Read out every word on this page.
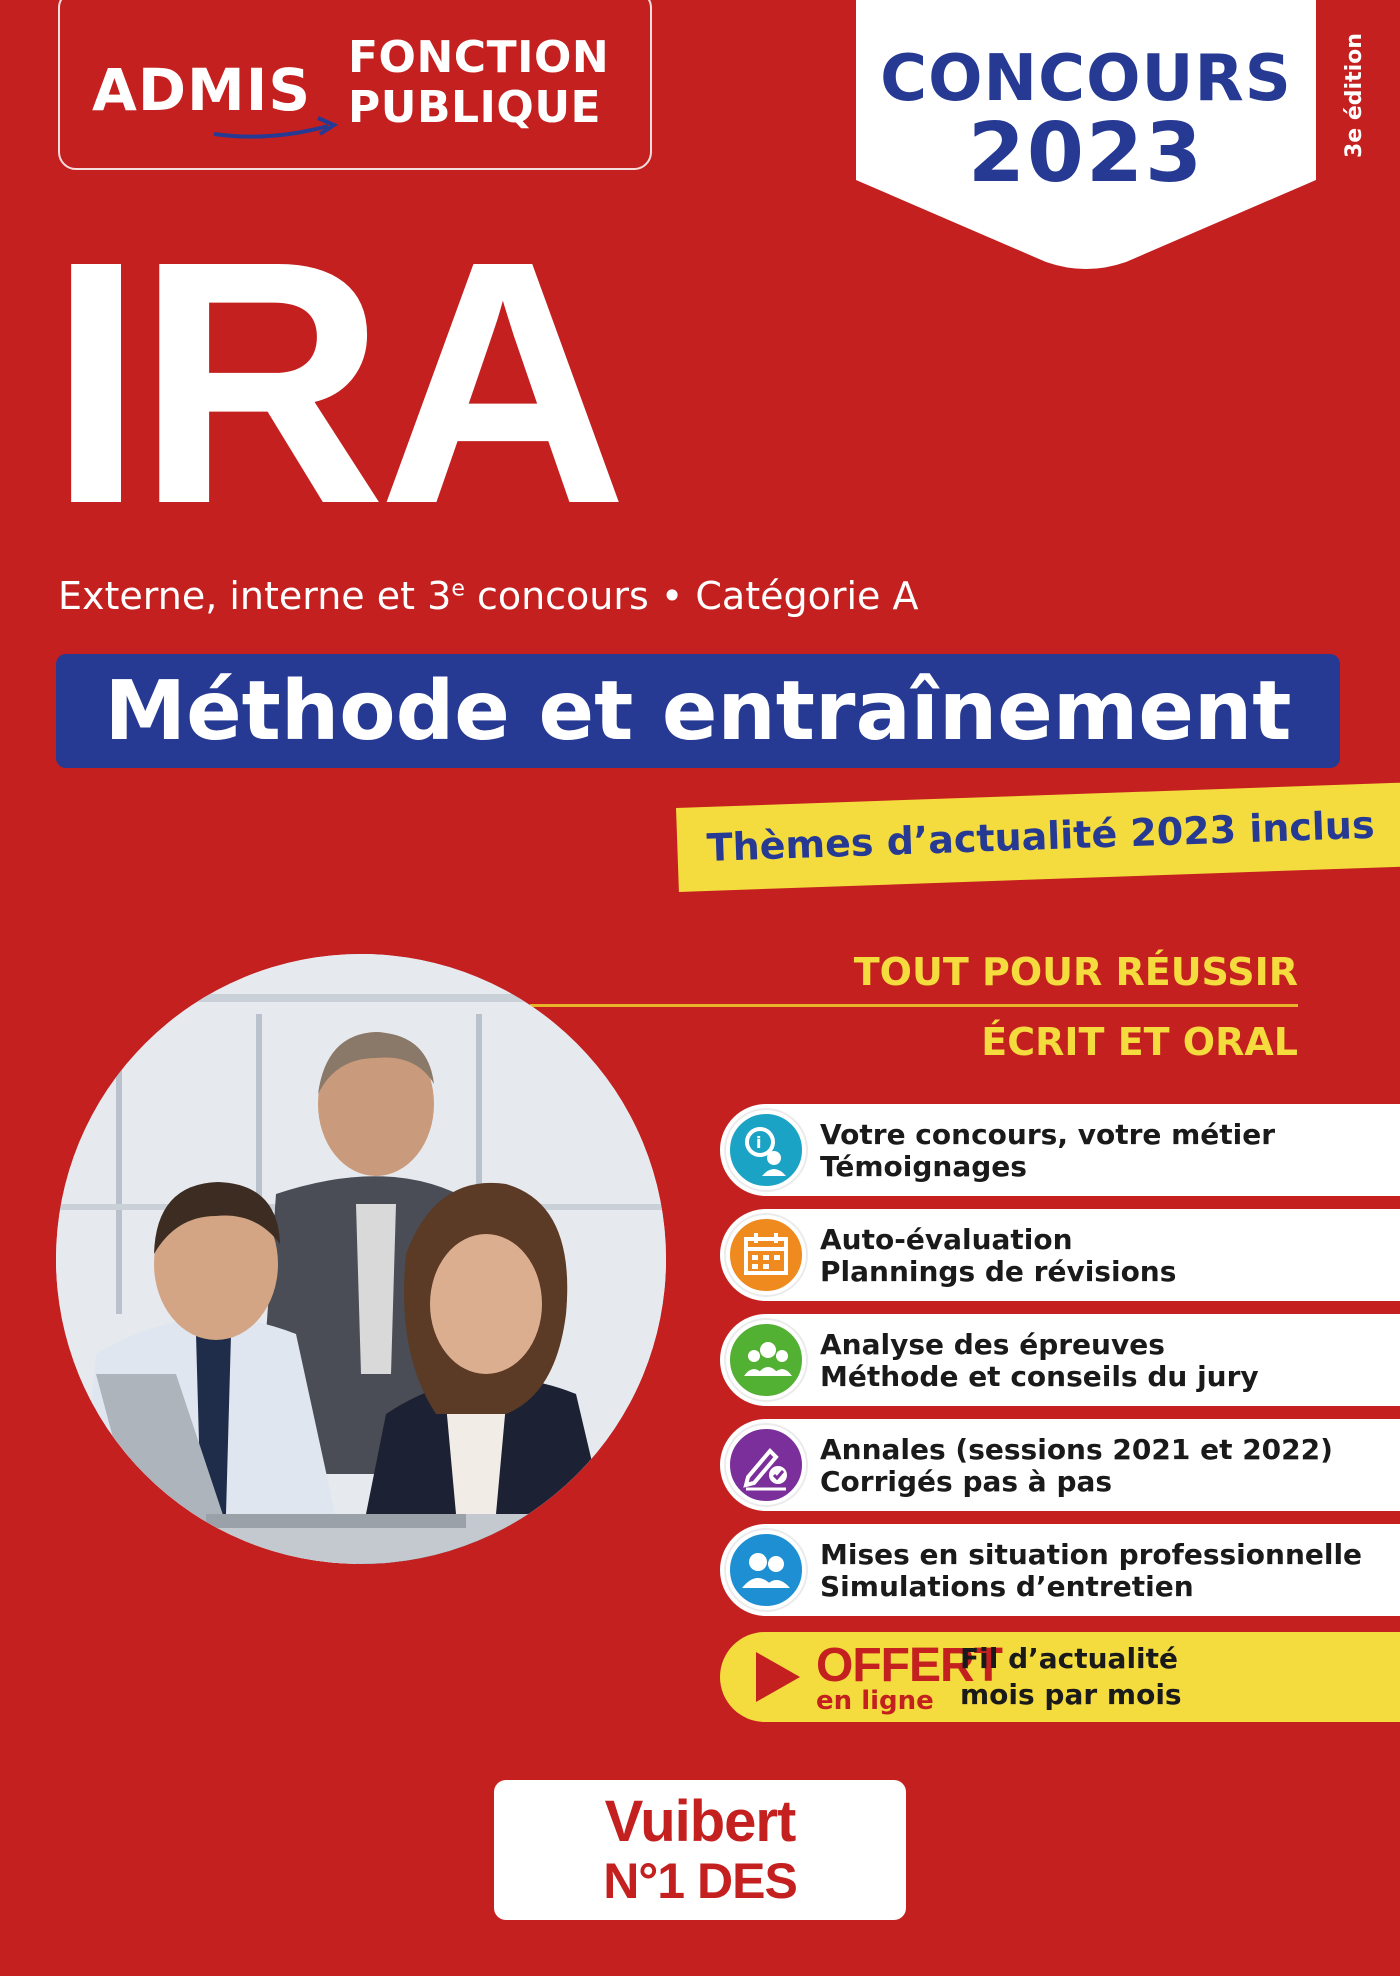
ADMIS FONCTION
PUBLIQUE	CONCOURS
2023	3e édition
IRA
Externe, interne et 3e concours • Catégorie A
Méthode et entraînement
Thèmes d’actualité 2023 inclus
TOUT POUR RÉUSSIR
ÉCRIT ET ORAL
i Votre concours, votre métier
Témoignages
Auto-évaluation
Plannings de révisions
Analyse des épreuves
Méthode et conseils du jury
Annales (sessions 2021 et 2022)
Corrigés pas à pas
Mises en situation professionnelle
Simulations d’entretien
OFFERT
en ligne
Fil d’actualité
mois par mois
Vuibert
N°1 DES CONCOURS
